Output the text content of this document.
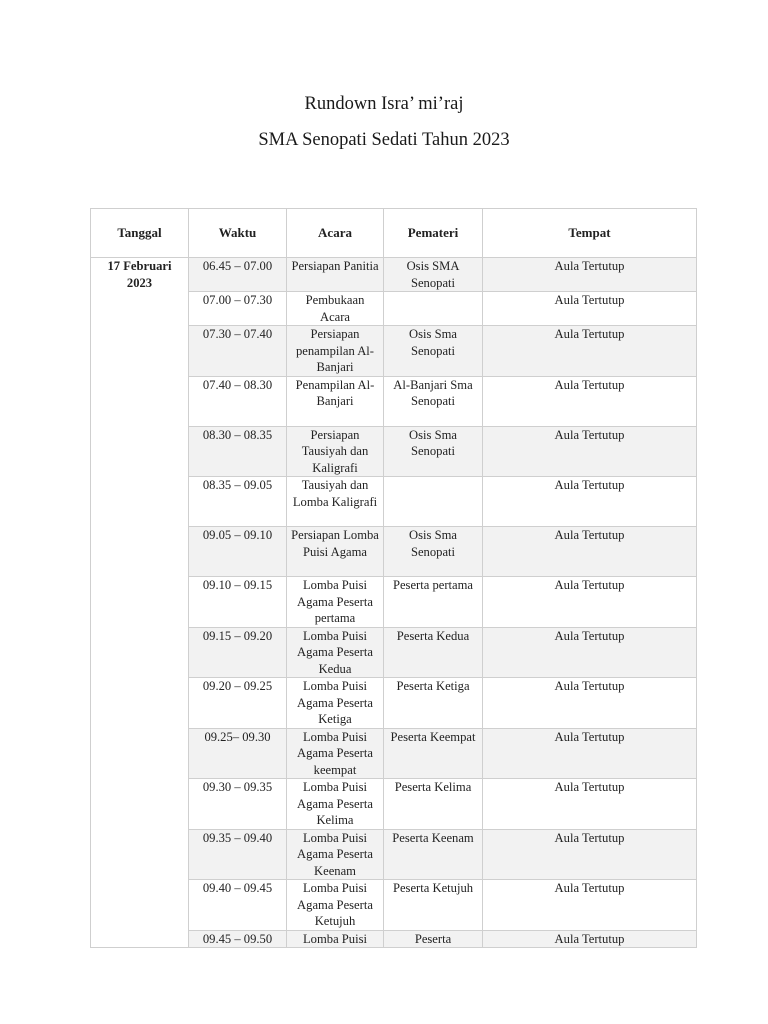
Rundown Isra’ mi’raj
SMA Senopati Sedati Tahun 2023
Tanggal	Waktu	Acara	Pemateri	Tempat
17 Februari 2023	06.45 – 07.00	Persiapan Panitia	Osis SMA Senopati	Aula Tertutup
	07.00 – 07.30	Pembukaan Acara		Aula Tertutup
	07.30 – 07.40	Persiapan penampilan Al-Banjari	Osis Sma Senopati	Aula Tertutup
	07.40 – 08.30	Penampilan Al- Banjari	Al-Banjari Sma Senopati	Aula Tertutup
	08.30 – 08.35	Persiapan Tausiyah dan Kaligrafi	Osis Sma Senopati	Aula Tertutup
	08.35 – 09.05	Tausiyah dan Lomba Kaligrafi		Aula Tertutup
	09.05 – 09.10	Persiapan Lomba Puisi Agama	Osis Sma Senopati	Aula Tertutup
	09.10 – 09.15	Lomba Puisi Agama Peserta pertama	Peserta pertama	Aula Tertutup
	09.15 – 09.20	Lomba Puisi Agama Peserta Kedua	Peserta Kedua	Aula Tertutup
	09.20 – 09.25	Lomba Puisi Agama Peserta Ketiga	Peserta Ketiga	Aula Tertutup
	09.25– 09.30	Lomba Puisi Agama Peserta keempat	Peserta Keempat	Aula Tertutup
	09.30 – 09.35	Lomba Puisi Agama Peserta Kelima	Peserta Kelima	Aula Tertutup
	09.35 – 09.40	Lomba Puisi Agama Peserta Keenam	Peserta Keenam	Aula Tertutup
	09.40 – 09.45	Lomba Puisi Agama Peserta Ketujuh	Peserta Ketujuh	Aula Tertutup
	09.45 – 09.50	Lomba Puisi	Peserta	Aula Tertutup
